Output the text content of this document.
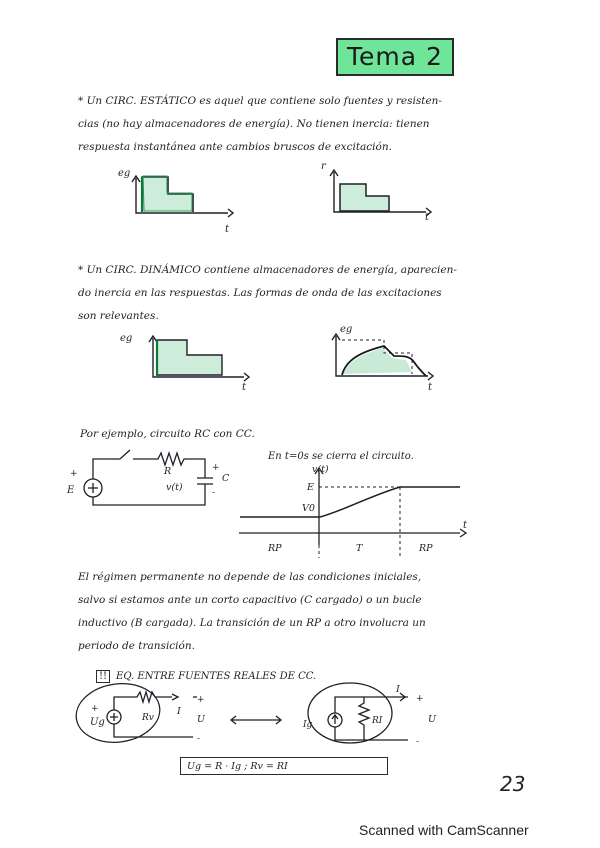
Tema 2
* Un CIRC. ESTÁTICO es aquel que contiene solo fuentes y resisten-
cias (no hay almacenadores de energía). No tienen inercia: tienen
respuesta instantánea ante cambios bruscos de excitación.
eg
t
r
t
eg
t
eg
t
+
E
R
v(t)
+
C
-
v(t)
E
V0
t
RP	T	RP
+
Ug	Rv
I
+
U
-
Ig	RI
I
+
U
-
* Un CIRC. DINÁMICO contiene almacenadores de energía, aparecien-
do inercia en las respuestas. Las formas de onda de las excitaciones
son relevantes.
Por ejemplo, circuito RC con CC.
En t=0s se cierra el circuito.
El régimen permanente no depende de las condiciones iniciales,
salvo si estamos ante un corto capacitivo (C cargado) o un bucle
inductivo (B cargada). La transición de un RP a otro involucra un
periodo de transición.
!! EQ. ENTRE FUENTES REALES DE CC.
Ug = R · Ig ; Rv = RI
23
Scanned with CamScanner
